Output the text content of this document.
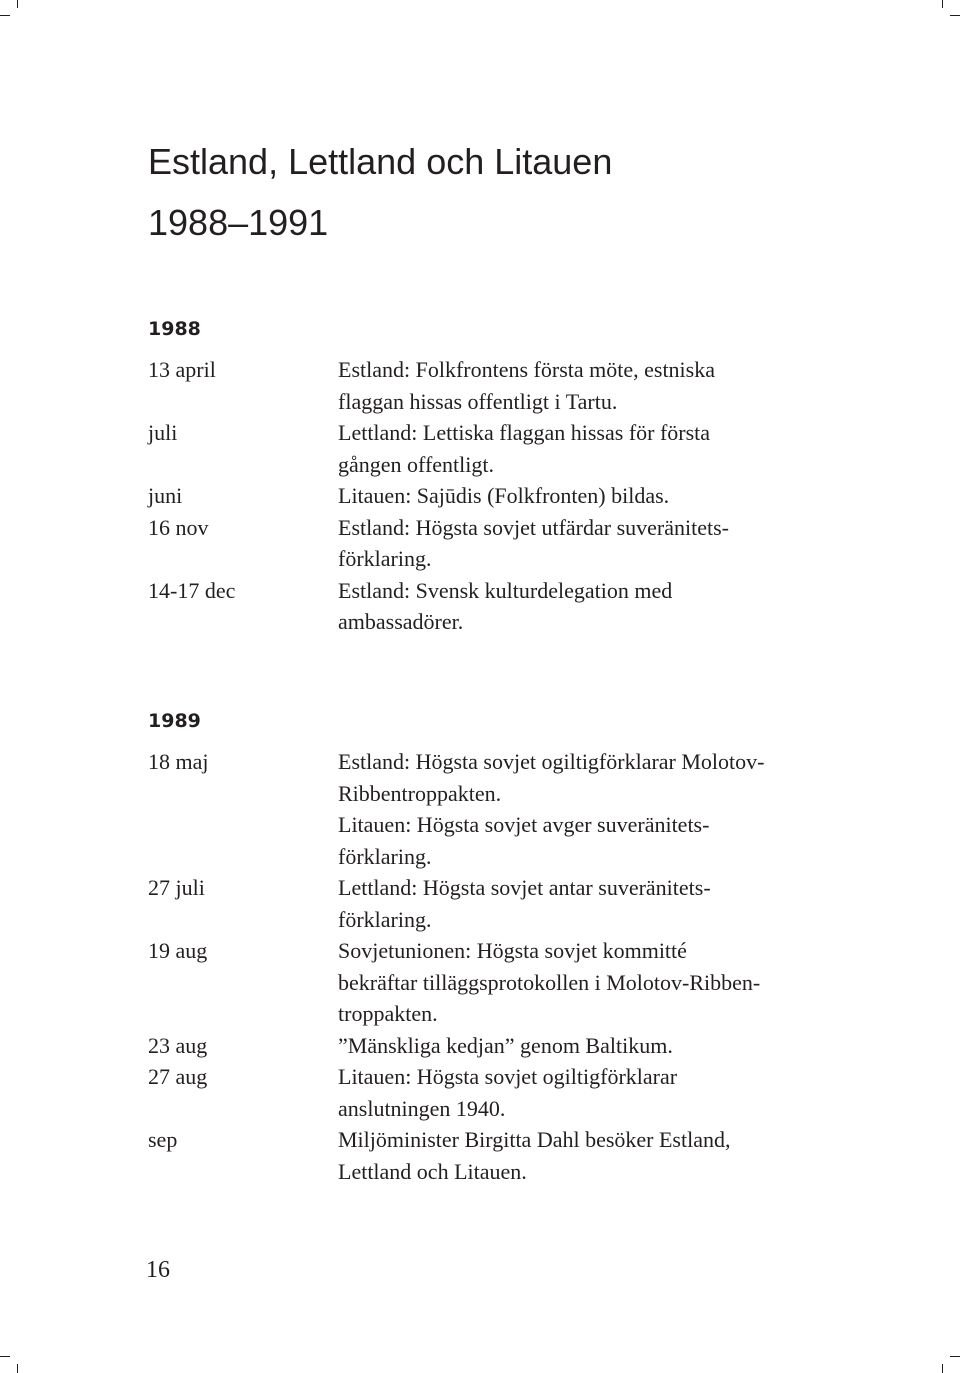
Estland, Lettland och Litauen
1988–1991
1988
13 april	Estland: Folkfrontens första möte, estniska
flaggan hissas offentligt i Tartu.
juli	Lettland: Lettiska flaggan hissas för första
gången offentligt.
juni	Litauen: Sajūdis (Folkfronten) bildas.
16 nov	Estland: Högsta sovjet utfärdar suveränitets-
förklaring.
14-17 dec	Estland: Svensk kulturdelegation med
ambassadörer.
1989
18 maj	Estland: Högsta sovjet ogiltigförklarar Molotov-
Ribbentroppakten.
Litauen: Högsta sovjet avger suveränitets-
förklaring.
27 juli	Lettland: Högsta sovjet antar suveränitets-
förklaring.
19 aug	Sovjetunionen: Högsta sovjet kommitté
bekräftar tilläggsprotokollen i Molotov-Ribben-
troppakten.
23 aug	”Mänskliga kedjan” genom Baltikum.
27 aug	Litauen: Högsta sovjet ogiltigförklarar
anslutningen 1940.
sep	Miljöminister Birgitta Dahl besöker Estland,
Lettland och Litauen.
16
